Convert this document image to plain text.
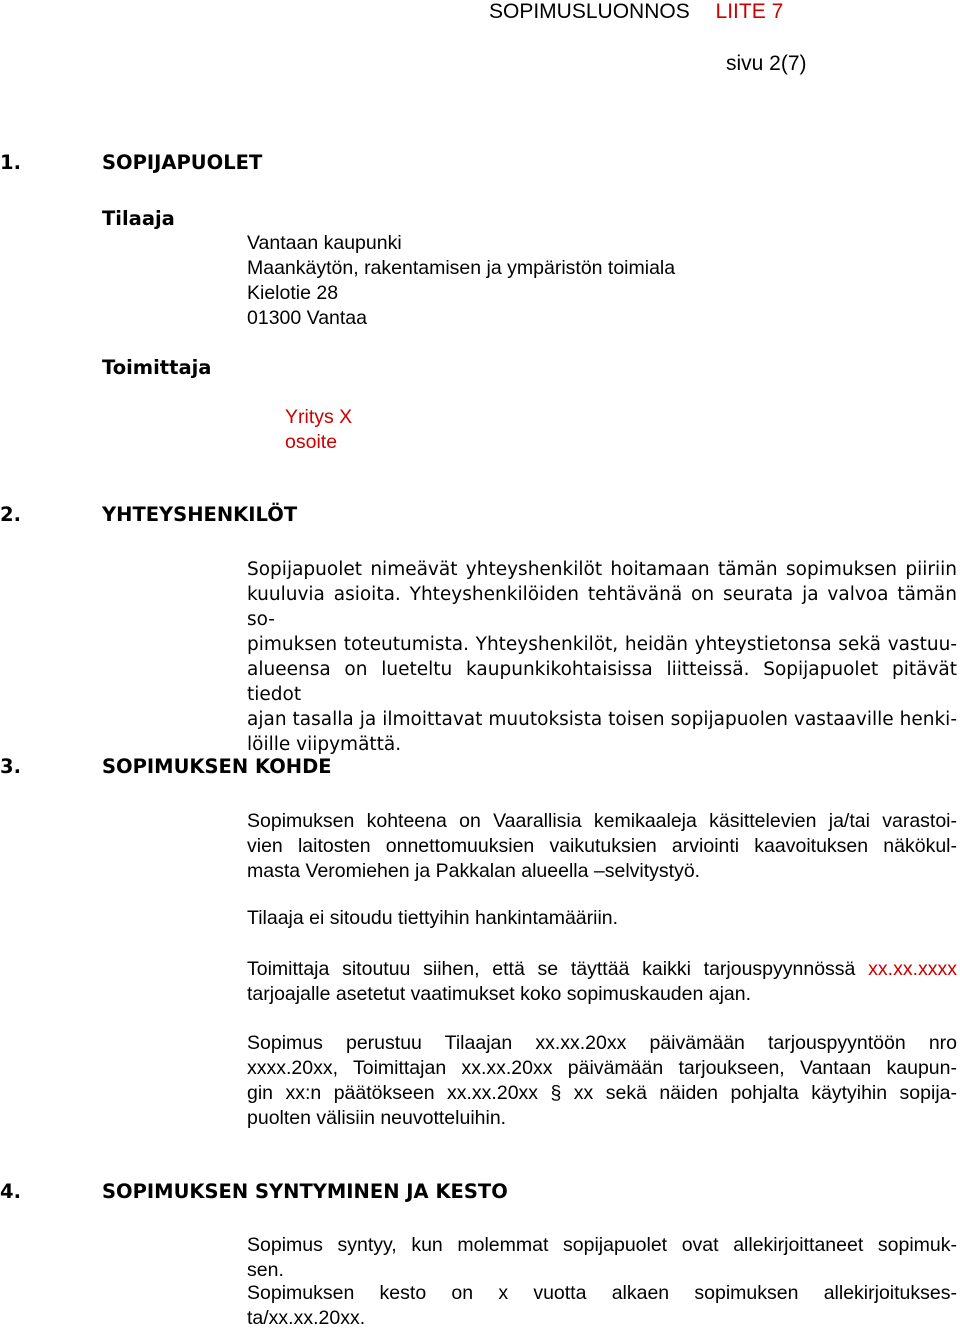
SOPIMUSLUONNOS LIITE 7
sivu 2(7)
1.	SOPIJAPUOLET
Tilaaja
Vantaan kaupunki
Maankäytön, rakentamisen ja ympäristön toimiala
Kielotie 28
01300 Vantaa
Toimittaja
Yritys X
osoite
2.	YHTEYSHENKILÖT
Sopijapuolet nimeävät yhteyshenkilöt hoitamaan tämän sopimuksen piiriin
kuuluvia asioita. Yhteyshenkilöiden tehtävänä on seurata ja valvoa tämän so-
pimuksen toteutumista. Yhteyshenkilöt, heidän yhteystietonsa sekä vastuu-
alueensa on lueteltu kaupunkikohtaisissa liitteissä. Sopijapuolet pitävät tiedot
ajan tasalla ja ilmoittavat muutoksista toisen sopijapuolen vastaaville henki-
löille viipymättä.
3.	SOPIMUKSEN KOHDE
Sopimuksen kohteena on Vaarallisia kemikaaleja käsittelevien ja/tai varastoi-
vien laitosten onnettomuuksien vaikutuksien arviointi kaavoituksen näkökul-
masta Veromiehen ja Pakkalan alueella –selvitystyö.
Tilaaja ei sitoudu tiettyihin hankintamääriin.
Toimittaja sitoutuu siihen, että se täyttää kaikki tarjouspyynnössä xx.xx.xxxx
tarjoajalle asetetut vaatimukset koko sopimuskauden ajan.
Sopimus perustuu Tilaajan xx.xx.20xx päivämään tarjouspyyntöön nro
xxxx.20xx, Toimittajan xx.xx.20xx päivämään tarjoukseen, Vantaan kaupun-
gin xx:n päätökseen xx.xx.20xx § xx sekä näiden pohjalta käytyihin sopija-
puolten välisiin neuvotteluihin.
4.	SOPIMUKSEN SYNTYMINEN JA KESTO
Sopimus syntyy, kun molemmat sopijapuolet ovat allekirjoittaneet sopimuk-
sen.
Sopimuksen kesto on x vuotta alkaen sopimuksen allekirjoitukses-
ta/xx.xx.20xx.
